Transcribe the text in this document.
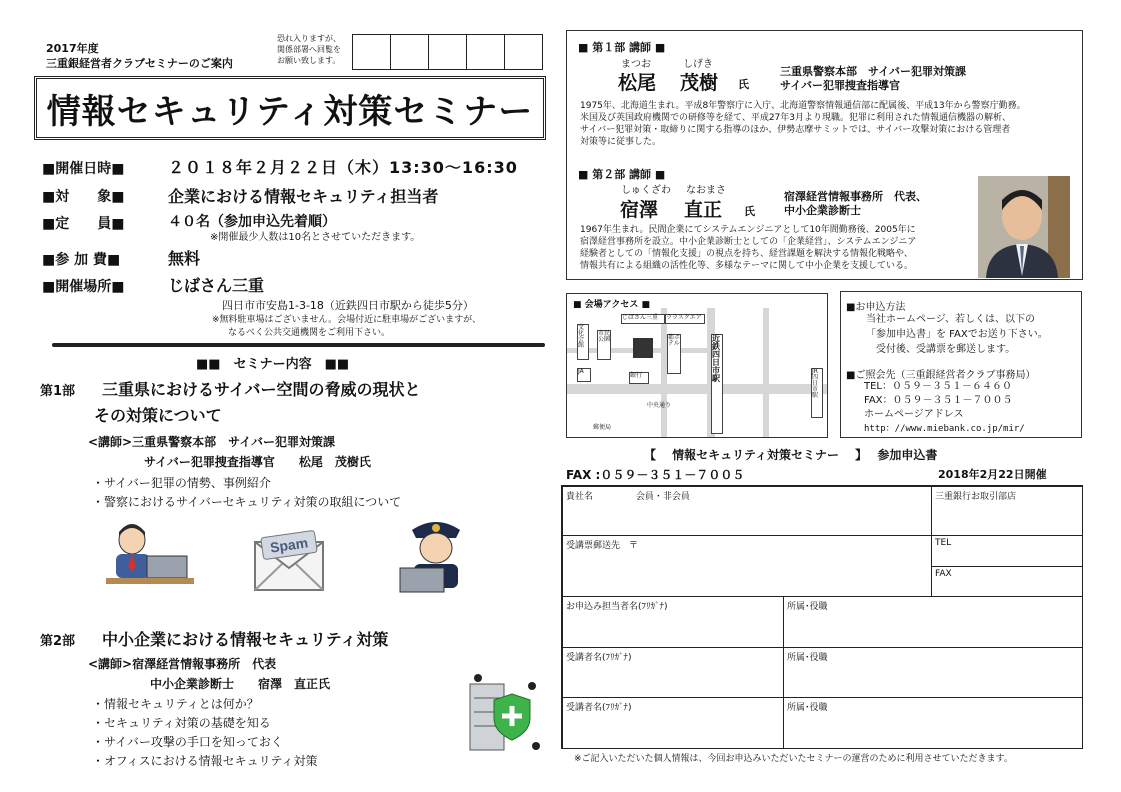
2017年度
三重銀経営者クラブセミナーのご案内
恐れ入りますが、
関係部署へ回覧を
お願い致します。
情報セキュリティ対策セミナー
■開催日時■	２０１８年２月２２日（木）13:30～16:30
■対　　象■	企業における情報セキュリティ担当者
■定　　員■	４０名（参加申込先着順）
※開催最少人数は10名とさせていただきます。
■参 加 費■	無料
■開催場所■	じばさん三重
四日市市安島1-3-18（近鉄四日市駅から徒歩5分）
※無料駐車場はございません。会場付近に駐車場がございますが、
なるべく公共交通機関をご利用下さい。
■■　セミナー内容　■■
第1部 三重県におけるサイバー空間の脅威の現状と
その対策について
<講師>三重県警察本部　サイバー犯罪対策課
サイバー犯罪捜査指導官　　松尾　茂樹氏
・サイバー犯罪の情勢、事例紹介
・警察におけるサイバーセキュリティ対策の取組について
Spam
第2部 中小企業における情報セキュリティ対策
<講師>宿澤経営情報事務所　代表
中小企業診断士　　宿澤　直正氏
・情報セキュリティとは何か？
・セキュリティ対策の基礎を知る
・サイバー攻撃の手口を知っておく
・オフィスにおける情報セキュリティ対策
■ 第１部 講師 ■
まつお	しげき
松尾 茂樹 氏
三重県警察本部　サイバー犯罪対策課
サイバー犯罪捜査指導官
1975年、北海道生まれ。平成8年警察庁に入庁、北海道警察情報通信部に配属後、平成13年から警察庁勤務。
米国及び英国政府機関での研修等を経て、平成27年3月より現職。犯罪に利用された情報通信機器の解析、
サイバー犯罪対策・取締りに関する指導のほか、伊勢志摩サミットでは、サイバー攻撃対策における管理者
対策等に従事した。
■ 第２部 講師 ■
しゅくざわ なおまさ
宿澤 直正 氏
宿澤経営情報事務所　代表、
中小企業診断士
1967年生まれ。民間企業にてシステムエンジニアとして10年間勤務後、2005年に
宿澤経営事務所を設立。中小企業診断士としての「企業経営」、システムエンジニア
経験者としての「情報化支援」の視点を持ち、経営課題を解決する情報化戦略や、
情報共有による組織の活性化等、多様なテーマに関して中小企業を支援している。
■ 会場アクセス ■
じばさん三重	ララスクエア
都ホテル
近鉄四日市駅
JR四日市駅
文化会館
市民公園
JA
銀行
中央通り
郵便局
■お申込方法
当社ホームページ、若しくは、以下の
「参加申込書」を FAXでお送り下さい。
受付後、受講票を郵送します。
■ご照会先（三重銀経営者クラブ事務局）
TEL：０５９－３５１－６４６０
FAX：０５９－３５１－７００５
ホームページアドレス
http：//www.miebank.co.jp/mir/
【　 情報セキュリティ対策セミナー　 】　 参加申込書
FAX :０５９－３５１－７００５	2018年2月22日開催
貴社名	会員・非会員	三重銀行お取引部店
受講票郵送先　〒	TEL
FAX
お申込み担当者名(ﾌﾘｶﾞﾅ)	所属･役職
受講者名(ﾌﾘｶﾞﾅ)	所属･役職
受講者名(ﾌﾘｶﾞﾅ)	所属･役職
※ご記入いただいた個人情報は、今回お申込みいただいたセミナーの運営のために利用させていただきます。
